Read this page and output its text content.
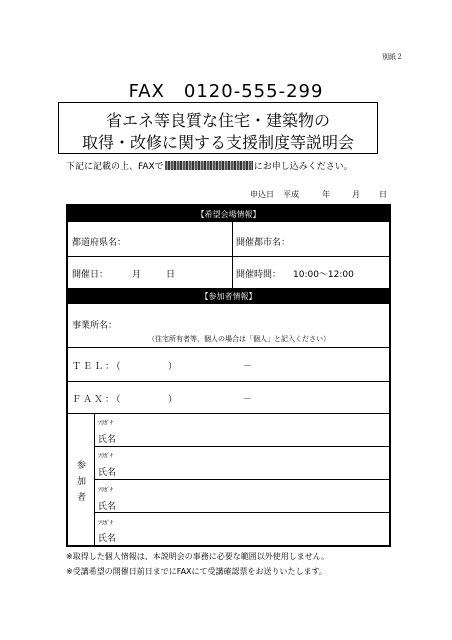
別紙２
FAX　0120-555-299
省エネ等良質な住宅・建築物の
取得・改修に関する支援制度等説明会
下記に記載の上、FAXで	にお申し込みください。
申込日 平成	年	月 日
【希望会場情報】
都道府県名：	開催都市名：
開催日：	月	日	開催時間： 10:00～12:00
【参加者情報】
事業所名：
（住宅所有者等、個人の場合は「個人」と記入ください）
ＴＥＬ：（	）	－
ＦＡＸ：（	）	－
参
加
者
ﾌﾘｶﾞﾅ
氏名
ﾌﾘｶﾞﾅ
氏名
ﾌﾘｶﾞﾅ
氏名
ﾌﾘｶﾞﾅ
氏名
※取得した個人情報は、本説明会の事務に必要な範囲以外使用しません。
※受講希望の開催日前日までにFAXにて受講確認票をお送りいたします。
